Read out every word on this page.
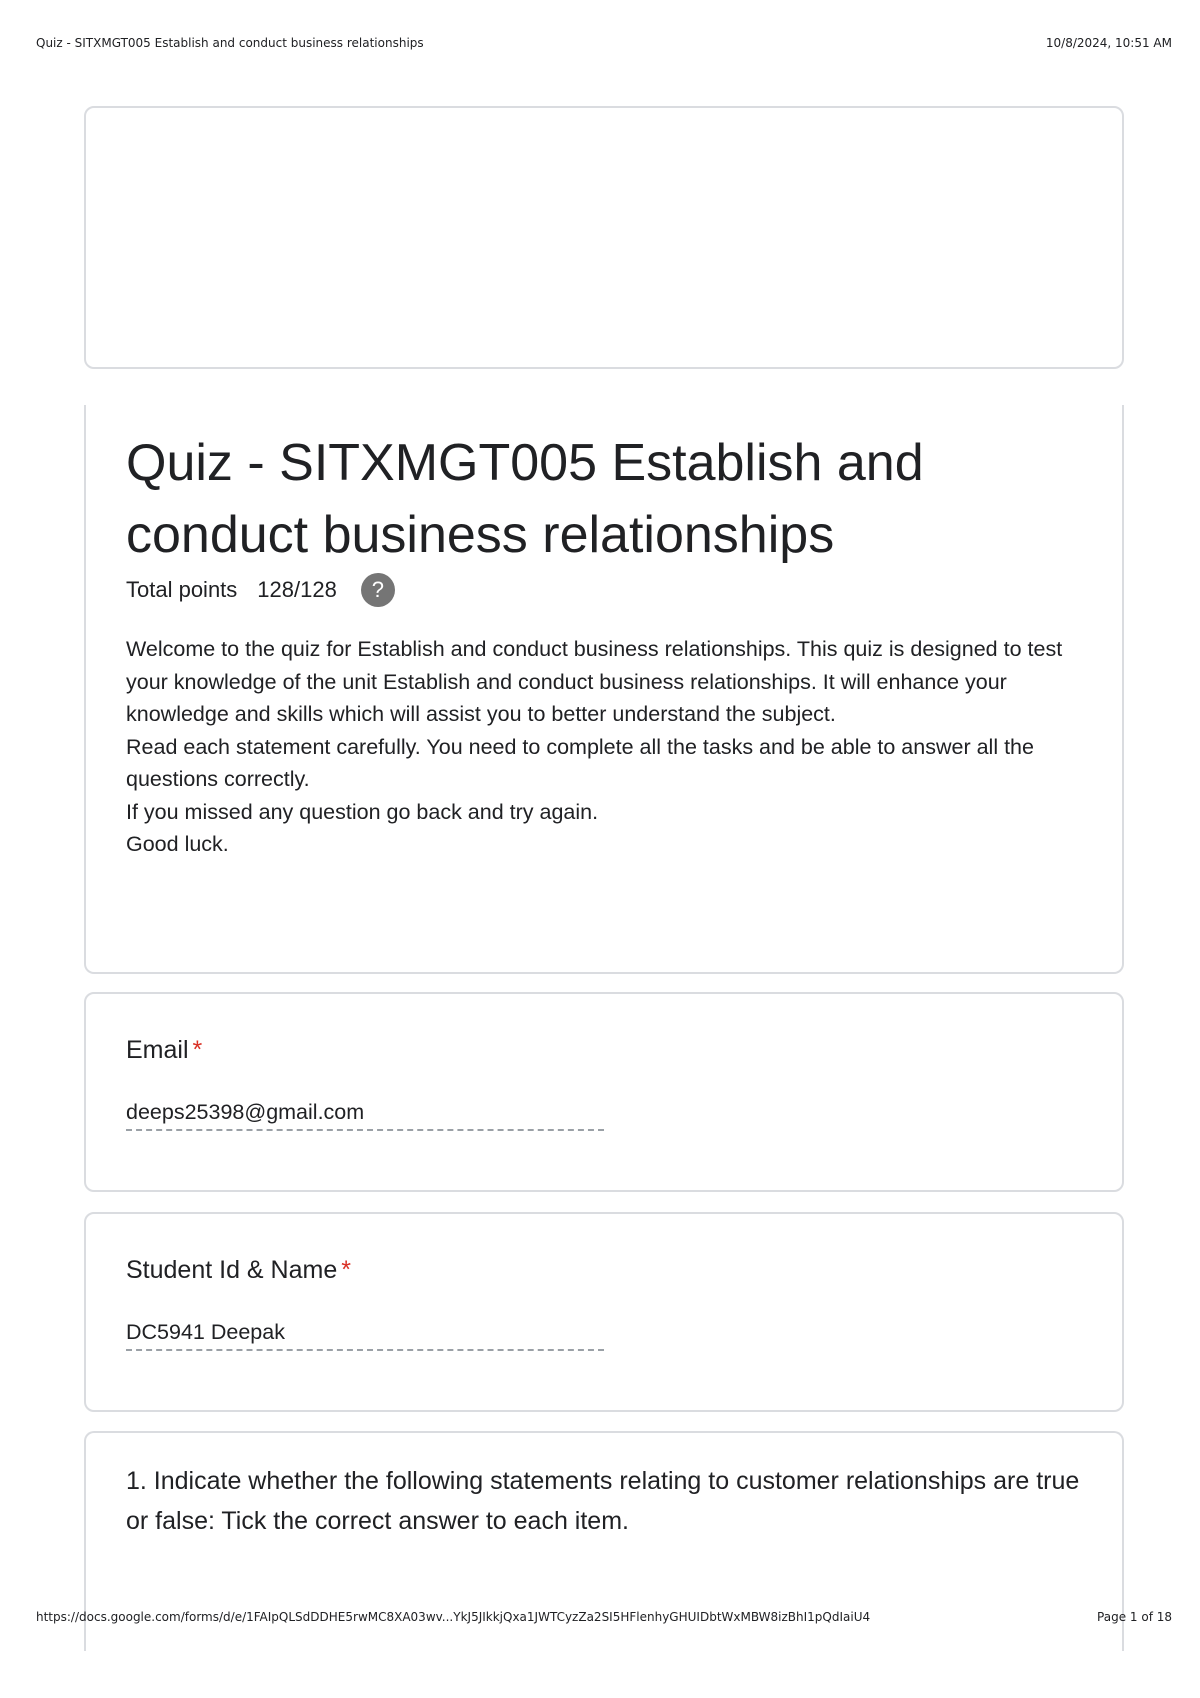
Quiz - SITXMGT005 Establish and conduct business relationships	10/8/2024, 10:51 AM
Quiz - SITXMGT005 Establish and conduct business relationships
Total points 128/128	?

Welcome to the quiz for Establish and conduct business relationships. This quiz is designed to test your knowledge of the unit Establish and conduct business relationships. It will enhance your knowledge and skills which will assist you to better understand the subject.

Read each statement carefully. You need to complete all the tasks and be able to answer all the questions correctly.

If you missed any question go back and try again.

Good luck.

Email *
deeps25398@gmail.com
Student Id & Name *
DC5941 Deepak
1. Indicate whether the following statements relating to customer relationships are true or false: Tick the correct answer to each item.
https://docs.google.com/forms/d/e/1FAIpQLSdDDHE5rwMC8XA03wv...YkJ5JIkkjQxa1JWTCyzZa2SI5HFlenhyGHUIDbtWxMBW8izBhI1pQdIaiU4	Page 1 of 18
